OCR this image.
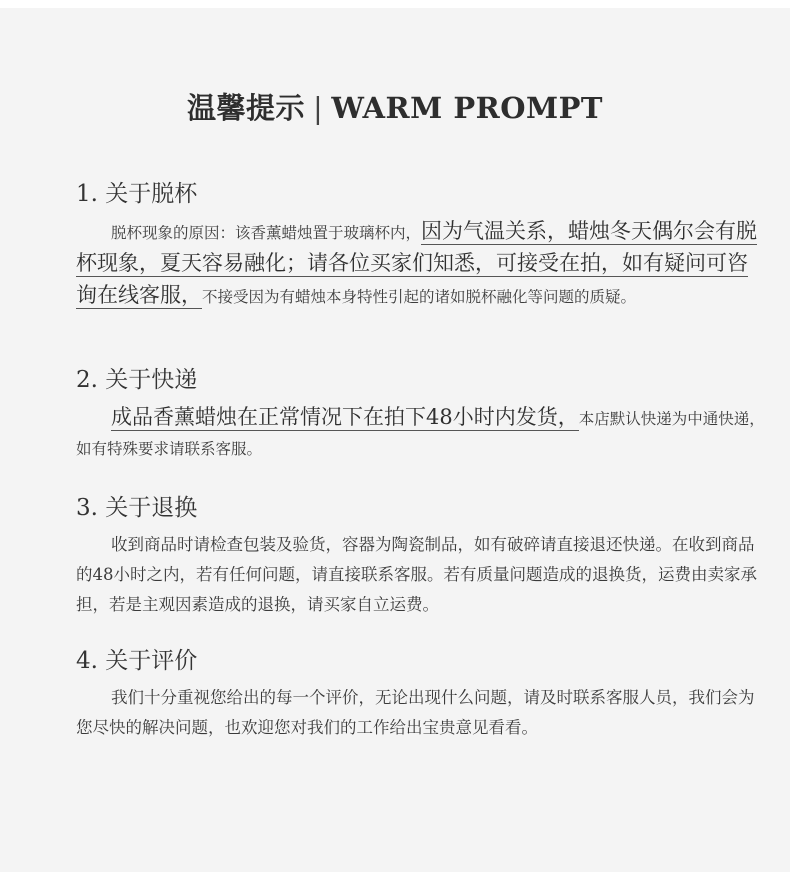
温馨提示 | WARM PROMPT
1. 关于脱杯
脱杯现象的原因：该香薰蜡烛置于玻璃杯内，因为气温关系，蜡烛冬天偶尔会有脱杯现象，夏天容易融化；请各位买家们知悉，可接受在拍，如有疑问可咨询在线客服，不接受因为有蜡烛本身特性引起的诸如脱杯融化等问题的质疑。
2. 关于快递
成品香薰蜡烛在正常情况下在拍下48小时内发货，本店默认快递为中通快递，如有特殊要求请联系客服。
3. 关于退换
收到商品时请检查包装及验货，容器为陶瓷制品，如有破碎请直接退还快递。在收到商品的48小时之内，若有任何问题，请直接联系客服。若有质量问题造成的退换货，运费由卖家承担，若是主观因素造成的退换，请买家自立运费。
4. 关于评价
我们十分重视您给出的每一个评价，无论出现什么问题，请及时联系客服人员，我们会为您尽快的解决问题，也欢迎您对我们的工作给出宝贵意见看看。
